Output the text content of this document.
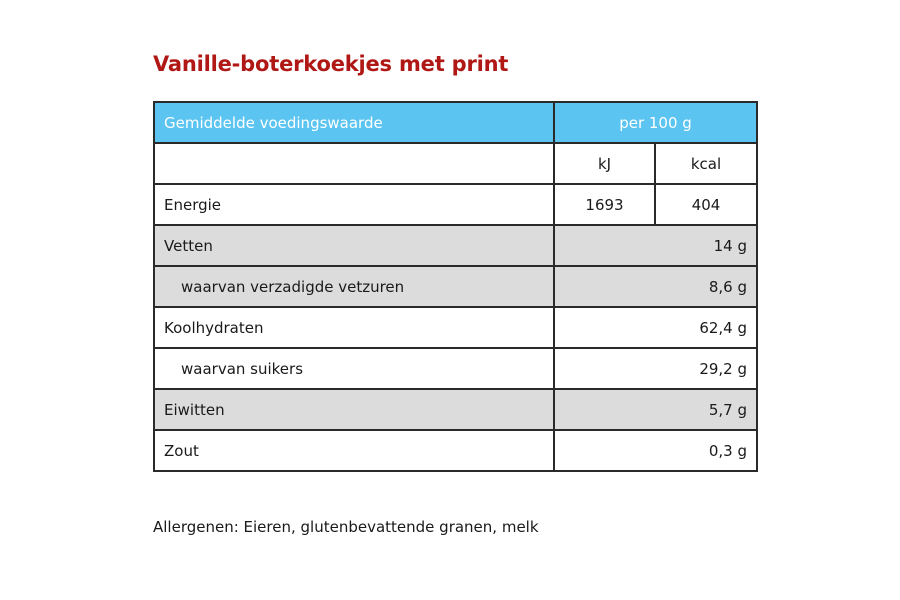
Vanille-boterkoekjes met print
Gemiddelde voedingswaarde	per 100 g	
	kJ	kcal
Energie	1693	404
Vetten	14 g	
waarvan verzadigde vetzuren	8,6 g	
Koolhydraten	62,4 g	
waarvan suikers	29,2 g	
Eiwitten	5,7 g	
Zout	0,3 g	
Allergenen: Eieren, glutenbevattende granen, melk
